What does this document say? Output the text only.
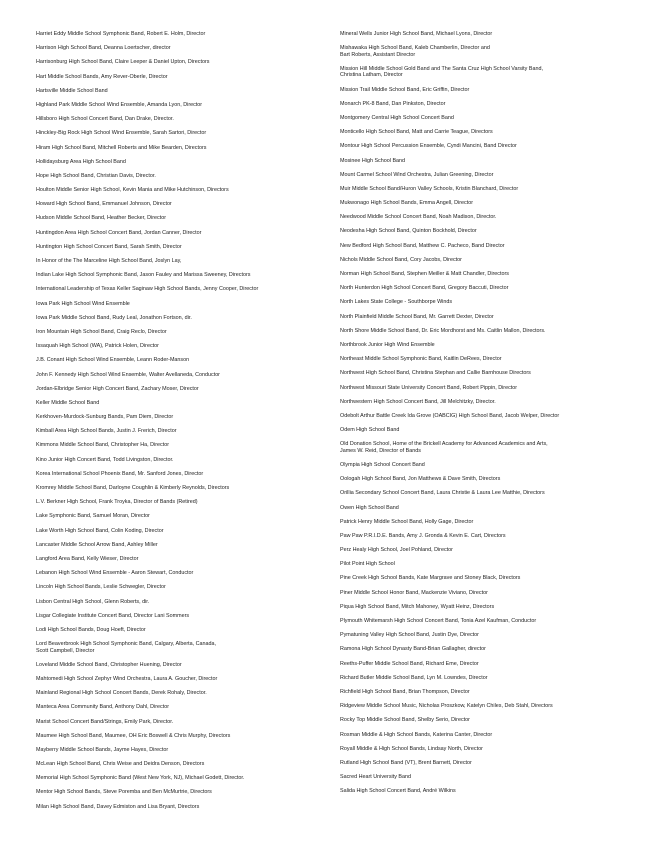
Harriet Eddy Middle School Symphonic Band, Robert E. Holm, Director

Harrison High School Band, Deanna Loertscher, director

Harrisonburg High School Band, Claire Leeper & Daniel Upton, Directors

Hart Middle School Bands, Amy Rever-Oberle, Director

Hartsville Middle School Band

Highland Park Middle School Wind Ensemble, Amanda Lyon, Director

Hillsboro High School Concert Band, Dan Drake, Director.

Hinckley-Big Rock High School Wind Ensemble, Sarah Sartori, Director

Hiram High School Band, Mitchell Roberts and Mike Bearden, Directors

Hollidaysburg Area High School Band

Hope High School Band, Christian Davis, Director.

Houlton Middle Senior High School, Kevin Mania and Mike Hutchinson, Directors

Howard High School Band, Emmanuel Johnson, Director

Hudson Middle School Band, Heather Becker, Director

Huntingdon Area High School Concert Band, Jordan Canner, Director

Huntington High School Concert Band, Sarah Smith, Director

In Honor of the The Marceline High School Band, Joslyn Lay,

Indian Lake High School Symphonic Band, Jason Fauley and Marissa Sweeney, Directors

International Leadership of Texas Keller Saginaw High School Bands, Jenny Cooper, Director

Iowa Park High School Wind Ensemble

Iowa Park Middle School Band, Rudy Leal, Jonathon Fortson, dir.

Iron Mountain High School Band, Craig Reclo, Director

Issaquah High School (WA), Patrick Holen, Director

J.B. Conant High School Wind Ensemble, Leann Roder-Manson

John F. Kennedy High School Wind Ensemble, Walter Avellaneda, Conductor

Jordan-Elbridge Senior High Concert Band, Zachary Moser, Director

Keller Middle School Band

Kerkhoven-Murdock-Sunburg Bands, Pam Diem, Director

Kimball Area High School Bands, Justin J. Frerich, Director

Kimmons Middle School Band, Christopher Ha, Director

Kino Junior High Concert Band, Todd Livingston, Director.

Korea International School Phoenix Band, Mr. Sanford Jones, Director

Kromrey Middle School Band, Darloyne Coughlin & Kimberly Reynolds, Directors

L.V. Berkner High School, Frank Troyka, Director of Bands (Retired)

Lake Symphonic Band, Samuel Moran, Director

Lake Worth High School Band, Colin Koding, Director

Lancaster Middle School Arrow Band, Ashley Miller

Langford Area Band, Kelly Wieser, Director

Lebanon High School Wind Ensemble - Aaron Stewart, Conductor

Lincoln High School Bands, Leslie Schwegler, Director

Lisbon Central High School, Glenn Roberts, dir.

Lisgar Collegiate Institute Concert Band, Director Lani Sommers

Lodi High School Bands, Doug Hoeft, Director

Lord Beaverbrook High School Symphonic Band, Calgary, Alberta, Canada,
Scott Campbell, Director

Loveland Middle School Band, Christopher Huening, Director

Mahtomedi High School Zephyr Wind Orchestra, Laura A. Goucher, Director

Mainland Regional High School Concert Bands, Derek Rohaly, Director.

Manteca Area Community Band, Anthony Dahl, Director

Marist School Concert Band/Strings, Emily Park, Director.

Maumee High School Band, Maumee, OH Eric Boswell & Chris Murphy, Directors

Mayberry Middle School Bands, Jayme Hayes, Director

McLean High School Band, Chris Weise and Deidra Denson, Directors

Memorial High School Symphonic Band (West New York, NJ), Michael Godett, Director.

Mentor High School Bands, Steve Poremba and Ben McMurtrie, Directors

Milan High School Band, Davey Edmiston and Lisa Bryant, Directors

Mineral Wells Junior High School Band, Michael Lyons, Director

Mishawaka High School Band, Kaleb Chamberlin, Director and
Bart Roberts, Assistant Director

Mission Hill Middle School Gold Band and The Santa Cruz High School Varsity Band,
Christina Latham, Director

Mission Trail Middle School Band, Eric Griffin, Director

Monarch PK-8 Band, Dan Pinkston, Director

Montgomery Central High School Concert Band

Monticello High School Band, Matt and Carrie Teague, Directors

Montour High School Percussion Ensemble, Cyndi Mancini, Band Director

Mosinee High School Band

Mount Carmel School Wind Orchestra, Julian Greening, Director

Muir Middle School Band/Huron Valley Schools, Kristin Blanchard, Director

Mukwonago High School Bands, Emma Angell, Director

Needwood Middle School Concert Band, Noah Madison, Director.

Neodesha High School Band, Quinton Bockhold, Director

New Bedford High School Band, Matthew C. Pacheco, Band Director

Nichols Middle School Band, Cory Jacobs, Director

Norman High School Band, Stephen Meiller & Matt Chandler, Directors

North Hunterdon High School Concert Band, Gregory Baccuti, Director

North Lakes State College - Southborpe Winds

North Plainfield Middle School Band, Mr. Garrett Dexter, Director

North Shore Middle School Band, Dr. Eric Mordhorst and Ms. Caitlin Mallon, Directors.

Northbrook Junior High Wind Ensemble

Northeast Middle School Symphonic Band, Kaitlin DeRees, Director

Northwest High School Band, Christina Stephan and Callie Barnhouse Directors

Northwest Missouri State University Concert Band, Robert Pippin, Director

Northwestern High School Concert Band, Jill Melchitzky, Director.

Odebolt Arthur Battle Creek Ida Grove (OABCIG) High School Band, Jacob Welper, Director

Odem High School Band

Old Donation School, Home of the Brickell Academy for Advanced Academics and Arts,
James W. Reid, Director of Bands

Olympia High School Concert Band

Oologah High School Band, Jon Matthews & Dave Smith, Directors

Orillia Secondary School Concert Band, Laura Christie & Laura Lee Matthie, Directors

Owen High School Band

Patrick Henry Middle School Band, Holly Gage, Director

Paw Paw P.R.I.D.E. Bands, Amy J. Gronda & Kevin E. Cart, Directors

Perz Healy High School, Joel Pohland, Director

Pilot Point High School

Pine Creek High School Bands, Kate Margrave and Stoney Black, Directors

Piner Middle School Honor Band, Mackenzie Viviano, Director

Piqua High School Band, Mitch Mahoney, Wyatt Heinz, Directors

Plymouth Whitemarsh High School Concert Band, Tonia Azel Kaufman, Conductor

Pymatuning Valley High School Band, Justin Dye, Director

Ramona High School Dynasty Band-Brian Gallagher, director

Reeths-Puffer Middle School Band, Richard Eme, Director

Richard Butler Middle School Band, Lyn M. Lowndes, Director

Richfield High School Band, Brian Thompson, Director

Ridgeview Middle School Music, Nicholas Proszkow, Katelyn Chiles, Deb Stahl, Directors

Rocky Top Middle School Band, Shelby Serio, Director

Rosman Middle & High School Bands, Katerina Canter, Director

Royall Middle & High School Bands, Lindsay North, Director

Rutland High School Band (VT), Brent Barnett, Director

Sacred Heart University Band

Salida High School Concert Band, André Wilkins
